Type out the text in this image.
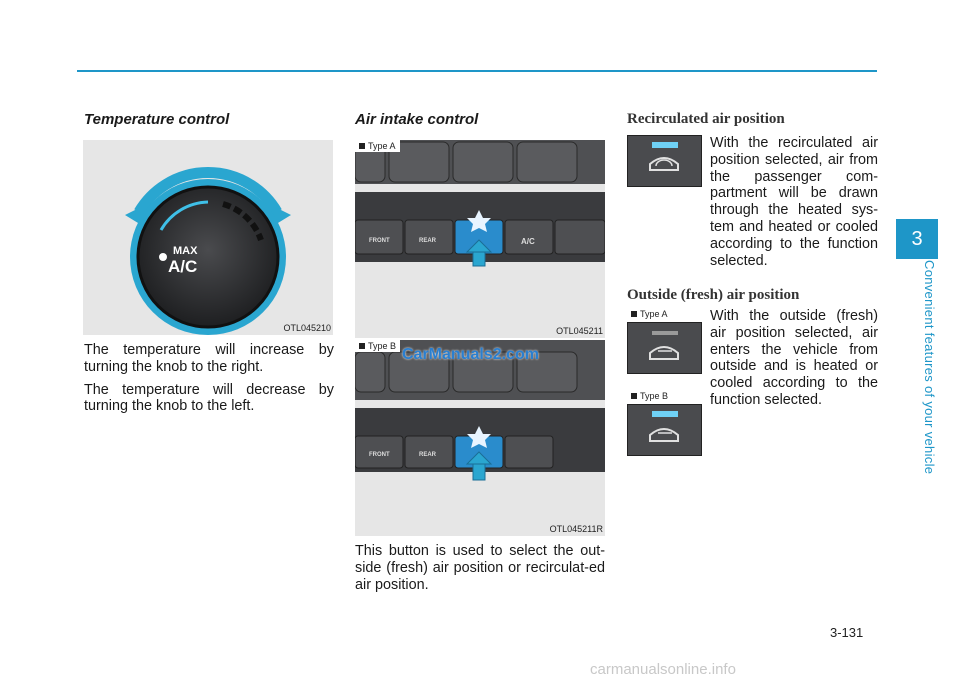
Temperature control
MAX
A/C
OTL045210

The temperature will increase by turning the knob to the right.

The temperature will decrease by turning the knob to the left.

Air intake control
Type A
FRONT	REAR	A/C
OTL045211
Type B
FRONT	REAR
OTL045211R
CarManuals2.com

This button is used to select the out-side (fresh) air position or recirculat-ed air position.

Recirculated air position

With the recirculated air position selected, air from the passenger com-partment will be drawn through the heated sys-tem and heated or cooled according to the function selected.

Outside (fresh) air position
Type A
Type B

With the outside (fresh) air position selected, air enters the vehicle from outside and is heated or cooled according to the function selected.

3
Convenient features of your vehicle
3-131
carmanualsonline.info
